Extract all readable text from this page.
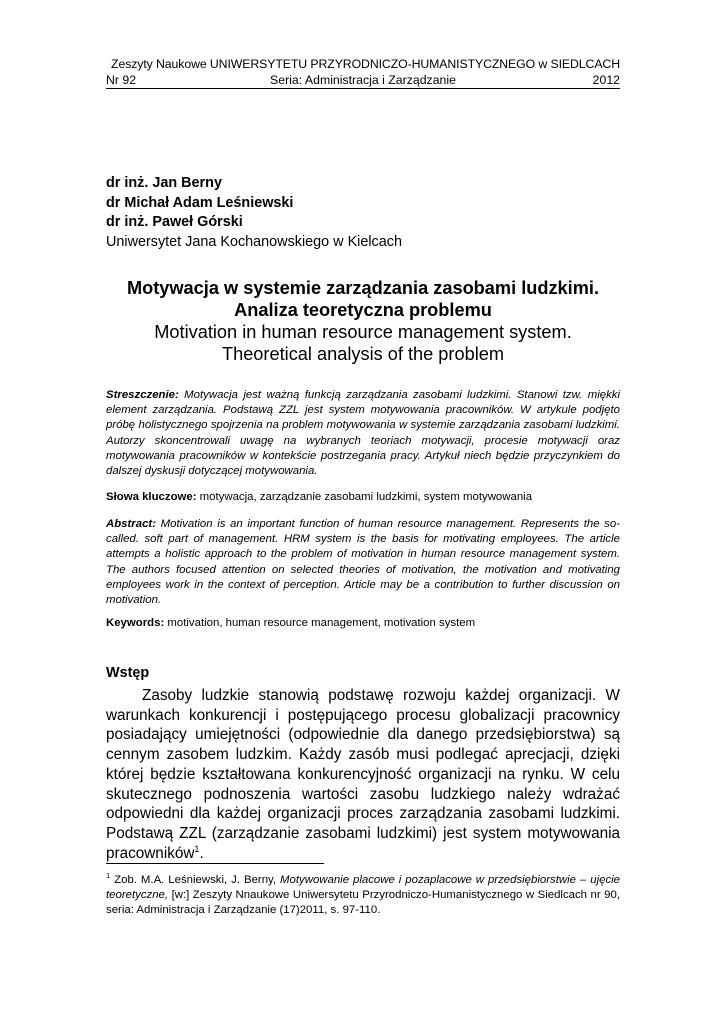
Zeszyty Naukowe UNIWERSYTETU PRZYRODNICZO-HUMANISTYCZNEGO w SIEDLCACH
Nr 92	Seria: Administracja i Zarządzanie	2012
dr inż. Jan Berny
dr Michał Adam Leśniewski
dr inż. Paweł Górski
Uniwersytet Jana Kochanowskiego w Kielcach
Motywacja w systemie zarządzania zasobami ludzkimi.
Analiza teoretyczna problemu
Motivation in human resource management system.
Theoretical analysis of the problem
Streszczenie: Motywacja jest ważną funkcją zarządzania zasobami ludzkimi. Stanowi tzw. miękki element zarządzania. Podstawą ZZL jest system motywowania pracowników. W artykule podjęto próbę holistycznego spojrzenia na problem motywowania w systemie zarządzania zasobami ludzkimi. Autorzy skoncentrowali uwagę na wybranych teoriach motywacji, procesie motywacji oraz motywowania pracowników w kontekście postrzegania pracy. Artykuł niech będzie przyczynkiem do dalszej dyskusji dotyczącej motywowania.
Słowa kluczowe: motywacja, zarządzanie zasobami ludzkimi, system motywowania
Abstract: Motivation is an important function of human resource management. Represents the so-called. soft part of management. HRM system is the basis for motivating employees. The article attempts a holistic approach to the problem of motivation in human resource management system. The authors focused attention on selected theories of motivation, the motivation and motivating employees work in the context of perception. Article may be a contribution to further discussion on motivation.
Keywords: motivation, human resource management, motivation system
Wstęp
Zasoby ludzkie stanowią podstawę rozwoju każdej organizacji. W warunkach konkurencji i postępującego procesu globalizacji pracownicy posiadający umiejętności (odpowiednie dla danego przedsiębiorstwa) są cennym zasobem ludzkim. Każdy zasób musi podlegać aprecjacji, dzięki której będzie kształtowana konkurencyjność organizacji na rynku. W celu skutecznego podnoszenia wartości zasobu ludzkiego należy wdrażać odpowiedni dla każdej organizacji proces zarządzania zasobami ludzkimi. Podstawą ZZL (zarządzanie zasobami ludzkimi) jest system motywowania pracowników$^1$.
$^1$ Zob. M.A. Leśniewski, J. Berny, Motywowanie placowe i pozaplacowe w przedsiębiorstwie – ujęcie teoretyczne, [w:] Zeszyty Nnaukowe Uniwersytetu Przyrodniczo-Humanistycznego w Siedlcach nr 90, seria: Administracja i Zarządzanie (17)2011, s. 97-110.
